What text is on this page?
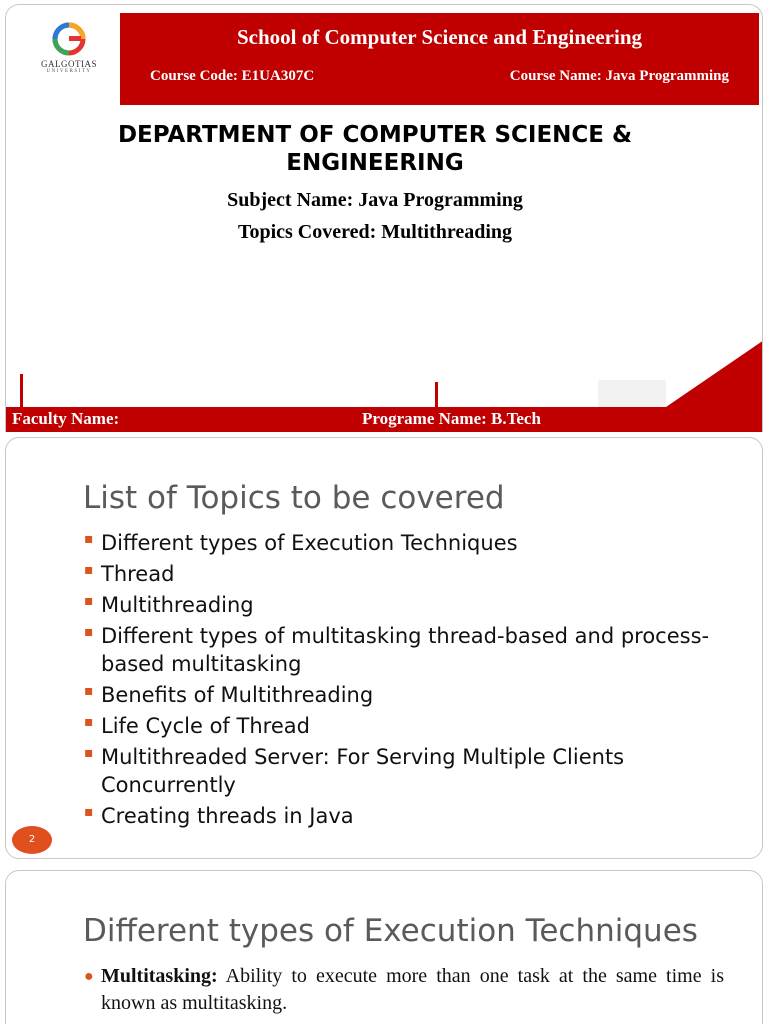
GALGOTIAS
UNIVERSITY
School of Computer Science and Engineering
Course Code: E1UA307C	Course Name: Java Programming
DEPARTMENT OF COMPUTER SCIENCE & ENGINEERING
Subject Name: Java Programming
Topics Covered: Multithreading
Faculty Name:	Programe Name: B.Tech
List of Topics to be covered
▪ Different types of Execution Techniques
▪ Thread
▪ Multithreading
▪ Different types of multitasking thread-based and process-based multitasking
▪ Benefits of Multithreading
▪ Life Cycle of Thread
▪ Multithreaded Server: For Serving Multiple Clients Concurrently
▪ Creating threads in Java
2
Different types of Execution Techniques
● Multitasking: Ability to execute more than one task at the same time is known as multitasking.
